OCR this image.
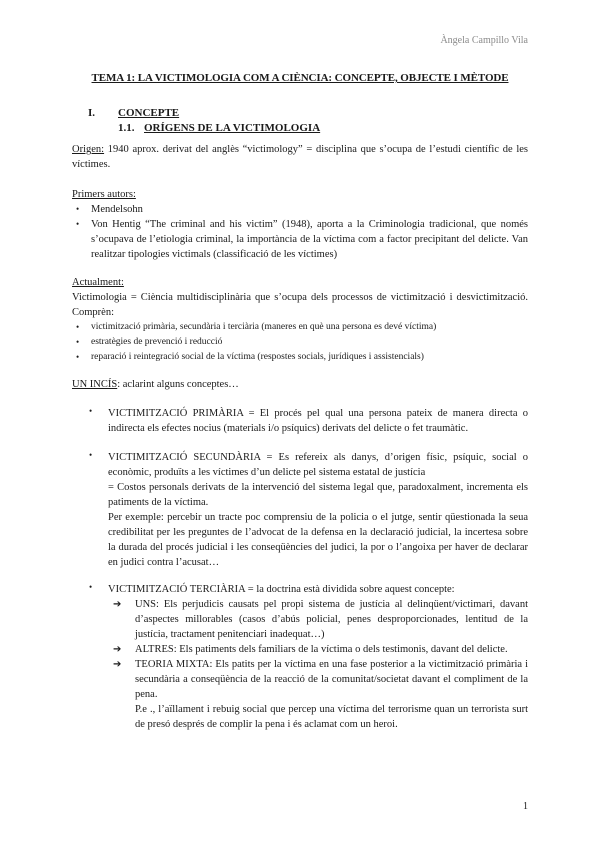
Àngela Campillo Vila
TEMA 1: LA VICTIMOLOGIA COM A CIÈNCIA: CONCEPTE, OBJECTE I MÈTODE
I. CONCEPTE
1.1. ORÍGENS DE LA VICTIMOLOGIA
Origen: 1940 aprox. derivat del anglès “victimology” = disciplina que s’ocupa de l’estudi científic de les víctimes.
Primers autors:
• Mendelsohn
• Von Hentig “The criminal and his victim” (1948), aporta a la Criminologia tradicional, que només s’ocupava de l’etiologia criminal, la importància de la víctima com a factor precipitant del delicte. Van realitzar tipologies victimals (classificació de les víctimes)
Actualment:
Victimologia = Ciència multidisciplinària que s’ocupa dels processos de victimització i desvictimització. Comprèn:
• victimització primària, secundària i terciària (maneres en què una persona es devé víctima)
• estratègies de prevenció i reducció
• reparació i reintegració social de la víctima (respostes socials, jurídiques i assistencials)
UN INCÍS: aclarint alguns conceptes…
• VICTIMITZACIÓ PRIMÀRIA = El procés pel qual una persona pateix de manera directa o indirecta els efectes nocius (materials i/o psíquics) derivats del delicte o fet traumàtic.
• VICTIMITZACIÓ SECUNDÀRIA = Es refereix als danys, d’origen físic, psíquic, social o econòmic, produïts a les víctimes d’un delicte pel sistema estatal de justícia
= Costos personals derivats de la intervenció del sistema legal que, paradoxalment, incrementa els patiments de la víctima.
Per exemple: percebir un tracte poc comprensiu de la policia o el jutge, sentir qüestionada la seua credibilitat per les preguntes de l’advocat de la defensa en la declaració judicial, la incertesa sobre la durada del procés judicial i les conseqüències del judici, la por o l’angoixa per haver de declarar en judici contra l’acusat…
• VICTIMITZACIÓ TERCIÀRIA = la doctrina està dividida sobre aquest concepte:
➔ UNS: Els perjudicis causats pel propi sistema de justícia al delinqüent/victimari, davant d’aspectes millorables (casos d’abús policial, penes desproporcionades, lentitud de la justícia, tractament penitenciari inadequat…)
➔ ALTRES: Els patiments dels familiars de la víctima o dels testimonis, davant del delicte.
➔ TEORIA MIXTA: Els patits per la víctima en una fase posterior a la victimització primària i secundària a conseqüència de la reacció de la comunitat/societat davant el compliment de la pena.
P.e ., l’aïllament i rebuig social que percep una víctima del terrorisme quan un terrorista surt de presó després de complir la pena i és aclamat com un heroi.
1
